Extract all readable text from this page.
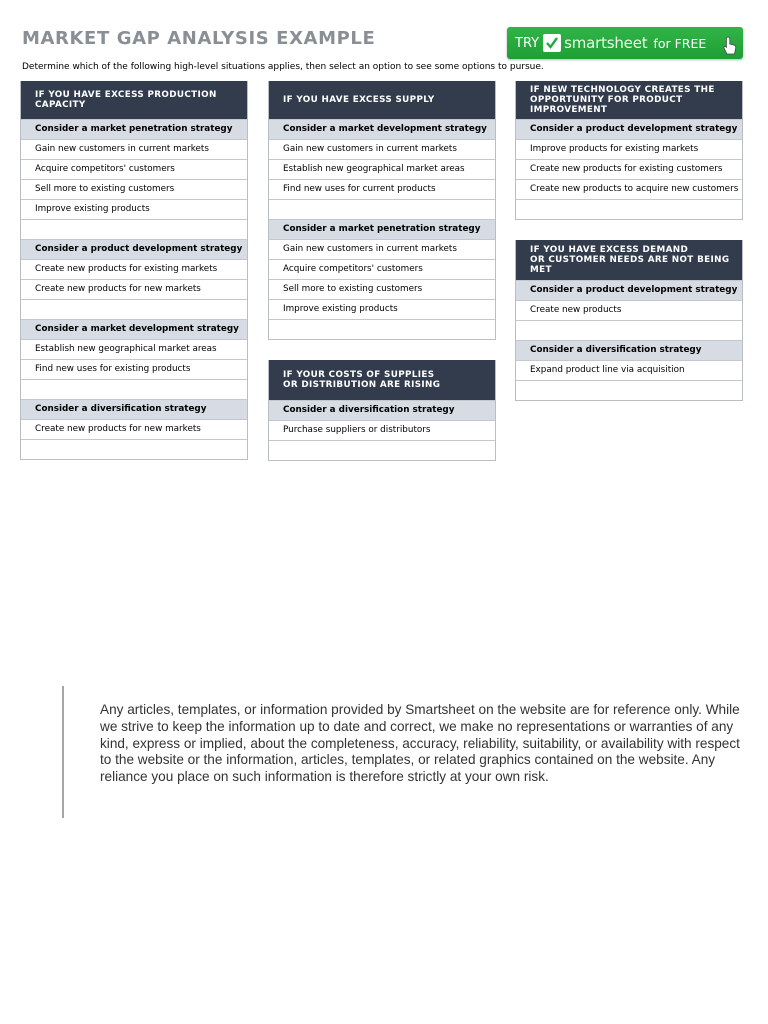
MARKET GAP ANALYSIS EXAMPLE
Determine which of the following high-level situations applies, then select an option to see some options to pursue.
TRY smartsheet for FREE
IF YOU HAVE EXCESS PRODUCTION
CAPACITY
Consider a market penetration strategy
Gain new customers in current markets
Acquire competitors' customers
Sell more to existing customers
Improve existing products
Consider a product development strategy
Create new products for existing markets
Create new products for new markets
Consider a market development strategy
Establish new geographical market areas
Find new uses for existing products
Consider a diversification strategy
Create new products for new markets
IF YOU HAVE EXCESS SUPPLY
Consider a market development strategy
Gain new customers in current markets
Establish new geographical market areas
Find new uses for current products
Consider a market penetration strategy
Gain new customers in current markets
Acquire competitors' customers
Sell more to existing customers
Improve existing products
IF YOUR COSTS OF SUPPLIES
OR DISTRIBUTION ARE RISING
Consider a diversification strategy
Purchase suppliers or distributors
IF NEW TECHNOLOGY CREATES THE
OPPORTUNITY FOR PRODUCT
IMPROVEMENT
Consider a product development strategy
Improve products for existing markets
Create new products for existing customers
Create new products to acquire new customers
IF YOU HAVE EXCESS DEMAND
OR CUSTOMER NEEDS ARE NOT BEING
MET
Consider a product development strategy
Create new products
Consider a diversification strategy
Expand product line via acquisition

Any articles, templates, or information provided by Smartsheet on the website are for reference only. While we strive to keep the information up to date and correct, we make no representations or warranties of any kind, express or implied, about the completeness, accuracy, reliability, suitability, or availability with respect to the website or the information, articles, templates, or related graphics contained on the website. Any reliance you place on such information is therefore strictly at your own risk.
